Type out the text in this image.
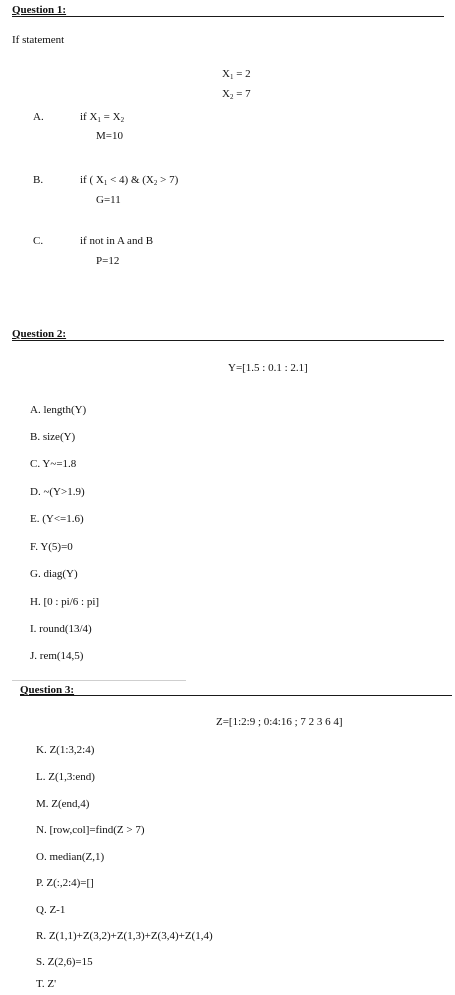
Question 1:
If statement
$X_1 = 2$
$X_2 = 7$
A.	if $X_1 = X_2$
M=10
B.	if ( $X_1 < 4$) & $(X_2 > 7)$
G=11
C.	if not in A and B
P=12
Question 2:
Y=[1.5 : 0.1 : 2.1]
A. length(Y)
B. size(Y)
C. Y~=1.8
D. ~(Y>1.9)
E. (Y<=1.6)
F. Y(5)=0
G. diag(Y)
H. [0 : pi/6 : pi]
I. round(13/4)
J. rem(14,5)
Question 3:
Z=[1:2:9 ; 0:4:16 ; 7 2 3 6 4]
K. Z(1:3,2:4)
L. Z(1,3:end)
M. Z(end,4)
N. [row,col]=find(Z > 7)
O. median(Z,1)
P. Z(:,2:4)=[]
Q. Z-1
R. Z(1,1)+Z(3,2)+Z(1,3)+Z(3,4)+Z(1,4)
S. Z(2,6)=15
T. Z'
